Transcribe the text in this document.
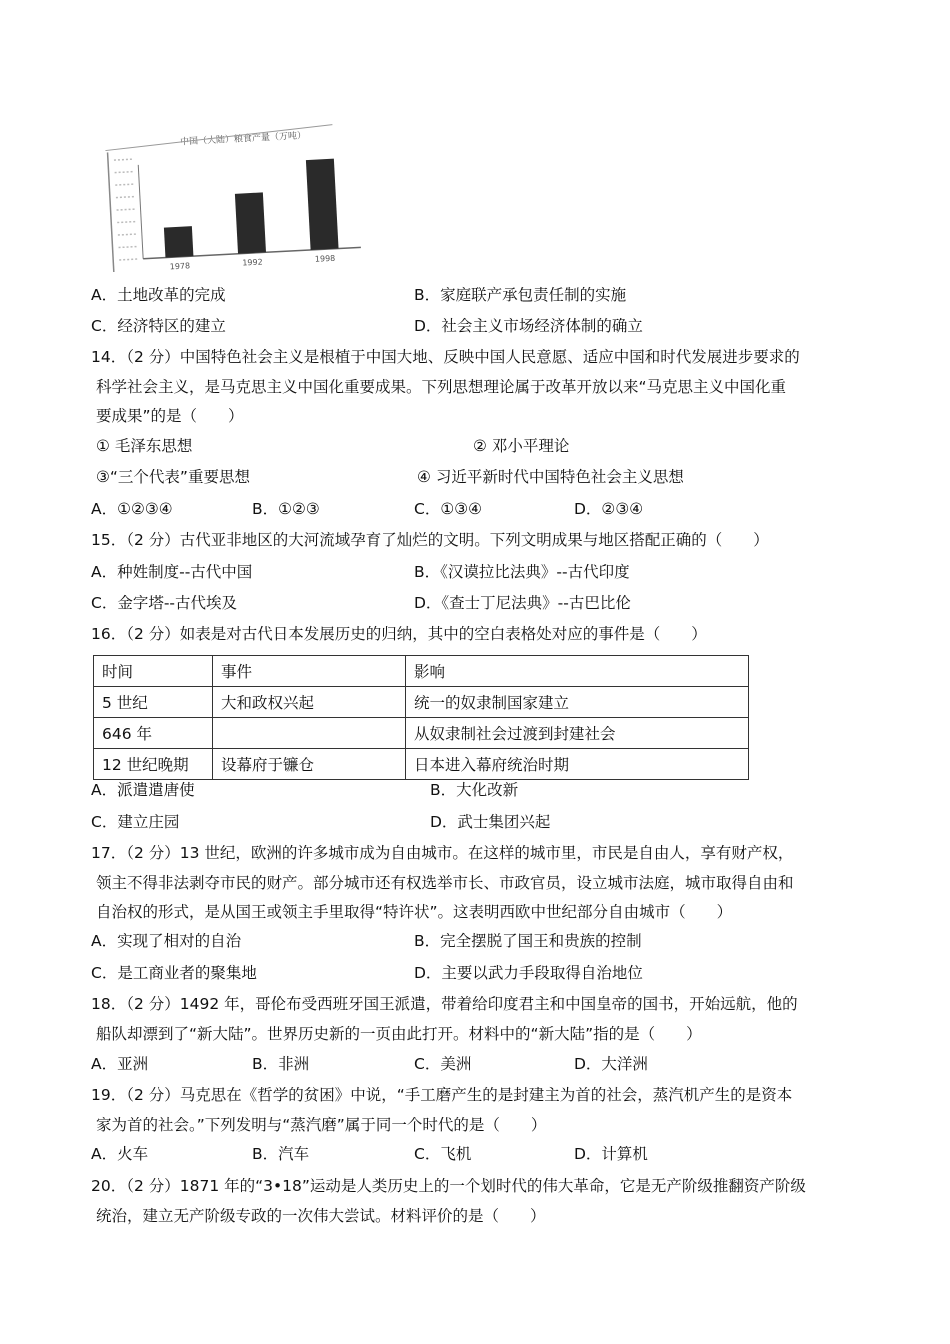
中国（大陆）粮食产量（万吨）
1978	1992	1998
A．土地改革的完成	B．家庭联产承包责任制的实施
C．经济特区的建立	D．社会主义市场经济体制的确立
14．（2 分）中国特色社会主义是根植于中国大地、反映中国人民意愿、适应中国和时代发展进步要求的
科学社会主义，是马克思主义中国化重要成果。下列思想理论属于改革开放以来“马克思主义中国化重
要成果”的是（　　）
① 毛泽东思想	② 邓小平理论
③“三个代表”重要思想	④ 习近平新时代中国特色社会主义思想
A．①②③④	B．①②③	C．①③④	D．②③④
15．（2 分）古代亚非地区的大河流域孕育了灿烂的文明。下列文明成果与地区搭配正确的（　　）
A．种姓制度--古代中国	B．《汉谟拉比法典》--古代印度
C．金字塔--古代埃及	D．《查士丁尼法典》--古巴比伦
16．（2 分）如表是对古代日本发展历史的归纳，其中的空白表格处对应的事件是（　　）
时间	事件	影响
5 世纪	大和政权兴起	统一的奴隶制国家建立
646 年		从奴隶制社会过渡到封建社会
12 世纪晚期	设幕府于镰仓	日本进入幕府统治时期
A．派遣遣唐使	B．大化改新
C．建立庄园	D．武士集团兴起
17．（2 分）13 世纪，欧洲的许多城市成为自由城市。在这样的城市里，市民是自由人，享有财产权，
领主不得非法剥夺市民的财产。部分城市还有权选举市长、市政官员，设立城市法庭，城市取得自由和
自治权的形式，是从国王或领主手里取得“特许状”。这表明西欧中世纪部分自由城市（　　）
A．实现了相对的自治	B．完全摆脱了国王和贵族的控制
C．是工商业者的聚集地	D．主要以武力手段取得自治地位
18．（2 分）1492 年，哥伦布受西班牙国王派遣，带着给印度君主和中国皇帝的国书，开始远航，他的
船队却漂到了“新大陆”。世界历史新的一页由此打开。材料中的“新大陆”指的是（　　）
A．亚洲	B．非洲	C．美洲	D．大洋洲
19．（2 分）马克思在《哲学的贫困》中说，“手工磨产生的是封建主为首的社会，蒸汽机产生的是资本
家为首的社会。”下列发明与“蒸汽磨”属于同一个时代的是（　　）
A．火车	B．汽车	C．飞机	D．计算机
20．（2 分）1871 年的“3•18”运动是人类历史上的一个划时代的伟大革命，它是无产阶级推翻资产阶级
统治，建立无产阶级专政的一次伟大尝试。材料评价的是（　　）
